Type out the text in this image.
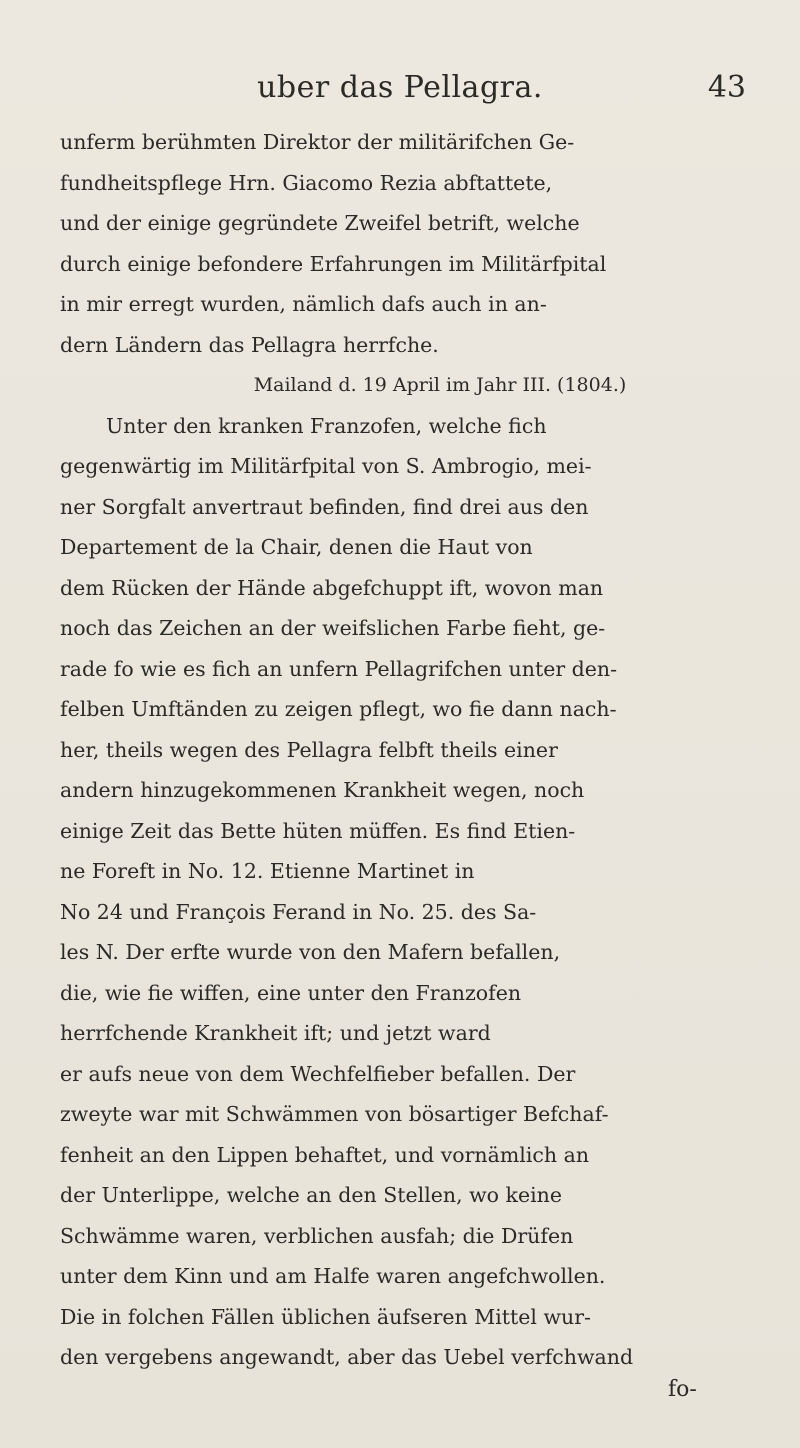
uber das Pellagra.	43
unferm berühmten Direktor der militärifchen Ge-
fundheitspflege Hrn. Giacomo Rezia abftattete,
und der einige gegründete Zweifel betrift, welche
durch einige befondere Erfahrungen im Militärfpital
in mir erregt wurden, nämlich dafs auch in an-
dern Ländern das Pellagra herrfche.
Mailand d. 19 April im Jahr III. (1804.)
Unter den kranken Franzofen, welche fich
gegenwärtig im Militärfpital von S. Ambrogio, mei-
ner Sorgfalt anvertraut befinden, find drei aus den
Departement de la Chair, denen die Haut von
dem Rücken der Hände abgefchuppt ift, wovon man
noch das Zeichen an der weifslichen Farbe fieht, ge-
rade fo wie es fich an unfern Pellagrifchen unter den-
felben Umftänden zu zeigen pflegt, wo fie dann nach-
her, theils wegen des Pellagra felbft theils einer
andern hinzugekommenen Krankheit wegen, noch
einige Zeit das Bette hüten müffen. Es find Etien-
ne Foreft in No. 12. Etienne Martinet in
No 24 und François Ferand in No. 25. des Sa-
les N. Der erfte wurde von den Mafern befallen,
die, wie fie wiffen, eine unter den Franzofen
herrfchende Krankheit ift; und jetzt ward
er aufs neue von dem Wechfelfieber befallen. Der
zweyte war mit Schwämmen von bösartiger Befchaf-
fenheit an den Lippen behaftet, und vornämlich an
der Unterlippe, welche an den Stellen, wo keine
Schwämme waren, verblichen ausfah; die Drüfen
unter dem Kinn und am Halfe waren angefchwollen.
Die in folchen Fällen üblichen äufseren Mittel wur-
den vergebens angewandt, aber das Uebel verfchwand
fo-
